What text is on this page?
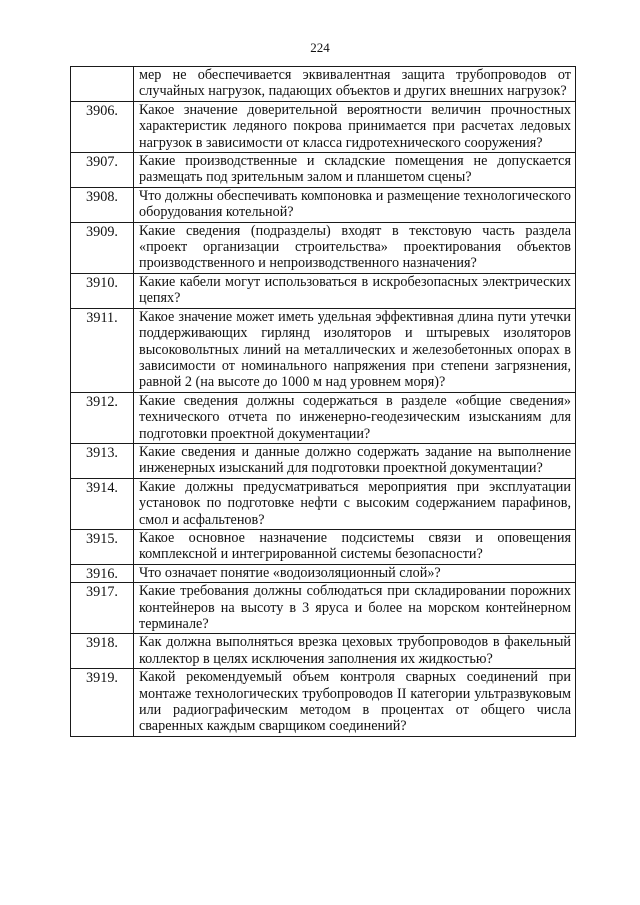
224
	мер не обеспечивается эквивалентная защита трубопроводов от случайных нагрузок, падающих объектов и других внешних нагрузок?
3906.	Какое значение доверительной вероятности величин прочностных характеристик ледяного покрова принимается при расчетах ледовых нагрузок в зависимости от класса гидротехнического сооружения?
3907.	Какие производственные и складские помещения не допускается размещать под зрительным залом и планшетом сцены?
3908.	Что должны обеспечивать компоновка и размещение технологического оборудования котельной?
3909.	Какие сведения (подразделы) входят в текстовую часть раздела «проект организации строительства» проектирования объектов производственного и непроизводственного назначения?
3910.	Какие кабели могут использоваться в искробезопасных электрических цепях?
3911.	Какое значение может иметь удельная эффективная длина пути утечки поддерживающих гирлянд изоляторов и штыревых изоляторов высоковольтных линий на металлических и железобетонных опорах в зависимости от номинального напряжения при степени загрязнения, равной 2 (на высоте до 1000 м над уровнем моря)?
3912.	Какие сведения должны содержаться в разделе «общие сведения» технического отчета по инженерно-геодезическим изысканиям для подготовки проектной документации?
3913.	Какие сведения и данные должно содержать задание на выполнение инженерных изысканий для подготовки проектной документации?
3914.	Какие должны предусматриваться мероприятия при эксплуатации установок по подготовке нефти с высоким содержанием парафинов, смол и асфальтенов?
3915.	Какое основное назначение подсистемы связи и оповещения комплексной и интегрированной системы безопасности?
3916.	Что означает понятие «водоизоляционный слой»?
3917.	Какие требования должны соблюдаться при складировании порожних контейнеров на высоту в 3 яруса и более на морском контейнерном терминале?
3918.	Как должна выполняться врезка цеховых трубопроводов в факельный коллектор в целях исключения заполнения их жидкостью?
3919.	Какой рекомендуемый объем контроля сварных соединений при монтаже технологических трубопроводов II категории ультразвуковым или радиографическим методом в процентах от общего числа сваренных каждым сварщиком соединений?
